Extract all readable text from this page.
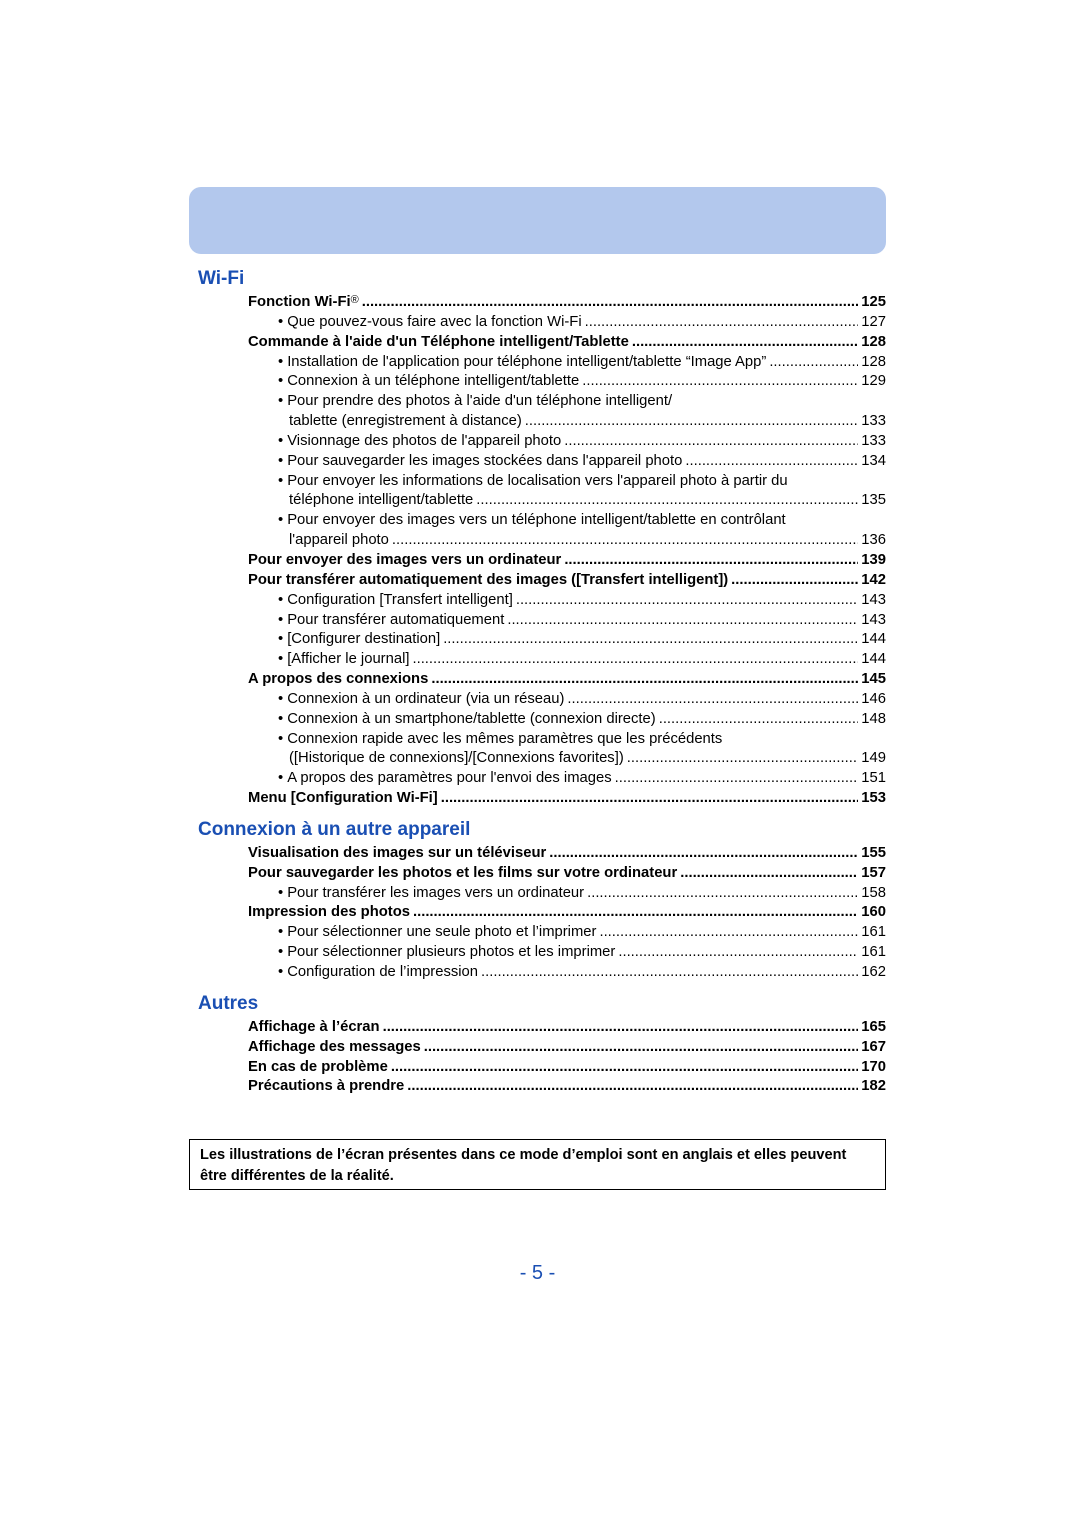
Wi-Fi
Fonction Wi-Fi® .....	125
• Que pouvez-vous faire avec la fonction Wi-Fi .....	127
Commande à l'aide d'un Téléphone intelligent/Tablette .....	128
• Installation de l'application pour téléphone intelligent/tablette “Image App” .....	128
• Connexion à un téléphone intelligent/tablette .....	129
• Pour prendre des photos à l'aide d'un téléphone intelligent/
tablette (enregistrement à distance) .....	133
• Visionnage des photos de l'appareil photo .....	133
• Pour sauvegarder les images stockées dans l'appareil photo .....	134
• Pour envoyer les informations de localisation vers l'appareil photo à partir du
téléphone intelligent/tablette .....	135
• Pour envoyer des images vers un téléphone intelligent/tablette en contrôlant
l'appareil photo .....	136
Pour envoyer des images vers un ordinateur .....	139
Pour transférer automatiquement des images ([Transfert intelligent]) .....	142
• Configuration [Transfert intelligent] .....	143
• Pour transférer automatiquement .....	143
• [Configurer destination] .....	144
• [Afficher le journal] .....	144
A propos des connexions .....	145
• Connexion à un ordinateur (via un réseau) .....	146
• Connexion à un smartphone/tablette (connexion directe) .....	148
• Connexion rapide avec les mêmes paramètres que les précédents
([Historique de connexions]/[Connexions favorites]) .....	149
• A propos des paramètres pour l'envoi des images .....	151
Menu [Configuration Wi-Fi] .....	153
Connexion à un autre appareil
Visualisation des images sur un téléviseur .....	155
Pour sauvegarder les photos et les films sur votre ordinateur .....	157
• Pour transférer les images vers un ordinateur .....	158
Impression des photos .....	160
• Pour sélectionner une seule photo et l’imprimer .....	161
• Pour sélectionner plusieurs photos et les imprimer .....	161
• Configuration de l’impression .....	162
Autres
Affichage à l’écran .....	165
Affichage des messages .....	167
En cas de problème .....	170
Précautions à prendre .....	182
Les illustrations de l’écran présentes dans ce mode d’emploi sont en anglais et elles peuvent être différentes de la réalité.
- 5 -
